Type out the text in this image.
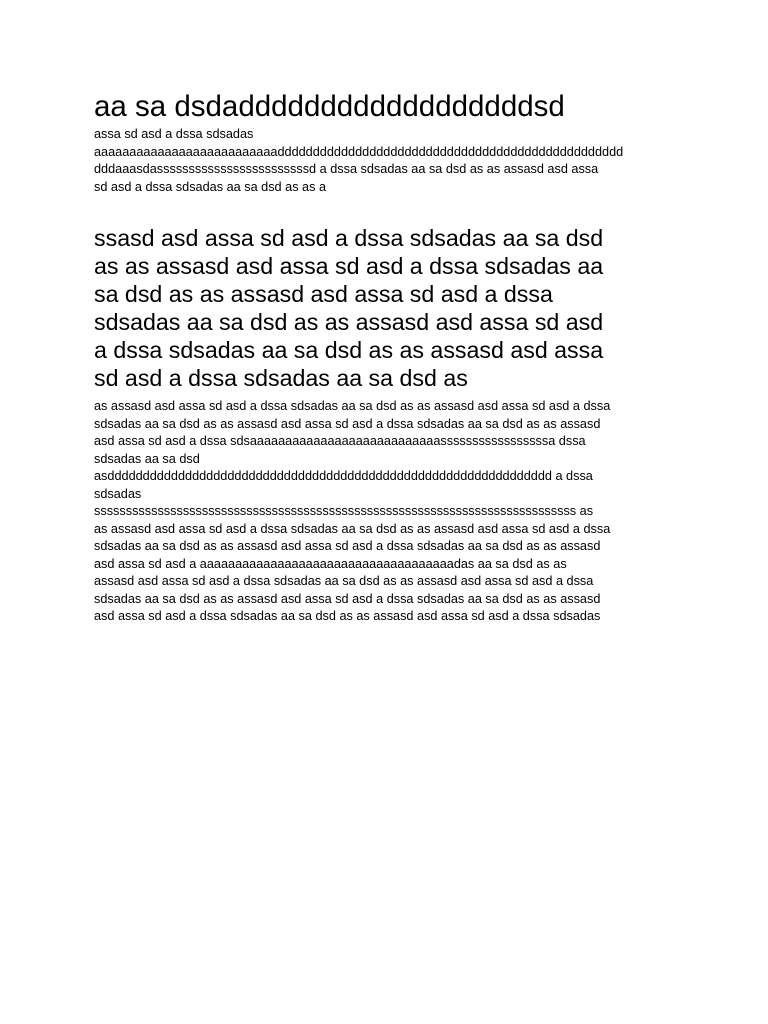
aa sa dsdaddddddddddddddddddsd

assa sd asd a dssa sdsadas
aaaaaaaaaaaaaaaaaaaaaaaaaaddddddddddddddddddddddddddddddddddddddddddddddddd
dddaaasdassssssssssssssssssssssssd a dssa sdsadas aa sa dsd as as assasd asd assa
sd asd a dssa sdsadas aa sa dsd as as a

ssasd asd assa sd asd a dssa sdsadas aa sa dsd
as as assasd asd assa sd asd a dssa sdsadas aa
sa dsd as as assasd asd assa sd asd a dssa
sdsadas aa sa dsd as as assasd asd assa sd asd
a dssa sdsadas aa sa dsd as as assasd asd assa
sd asd a dssa sdsadas aa sa dsd as

as assasd asd assa sd asd a dssa sdsadas aa sa dsd as as assasd asd assa sd asd a dssa
sdsadas aa sa dsd as as assasd asd assa sd asd a dssa sdsadas aa sa dsd as as assasd
asd assa sd asd a dssa sdsaaaaaaaaaaaaaaaaaaaaaaaaaaasssssssssssssssssa dssa
sdsadas aa sa dsd
asddddddddddddddddddddddddddddddddddddddddddddddddddddddddddddddd a dssa
sdsadas
ssssssssssssssssssssssssssssssssssssssssssssssssssssssssssssssssssssssssssss as
as assasd asd assa sd asd a dssa sdsadas aa sa dsd as as assasd asd assa sd asd a dssa
sdsadas aa sa dsd as as assasd asd assa sd asd a dssa sdsadas aa sa dsd as as assasd
asd assa sd asd a aaaaaaaaaaaaaaaaaaaaaaaaaaaaaaaaaaaadas aa sa dsd as as
assasd asd assa sd asd a dssa sdsadas aa sa dsd as as assasd asd assa sd asd a dssa
sdsadas aa sa dsd as as assasd asd assa sd asd a dssa sdsadas aa sa dsd as as assasd
asd assa sd asd a dssa sdsadas aa sa dsd as as assasd asd assa sd asd a dssa sdsadas
